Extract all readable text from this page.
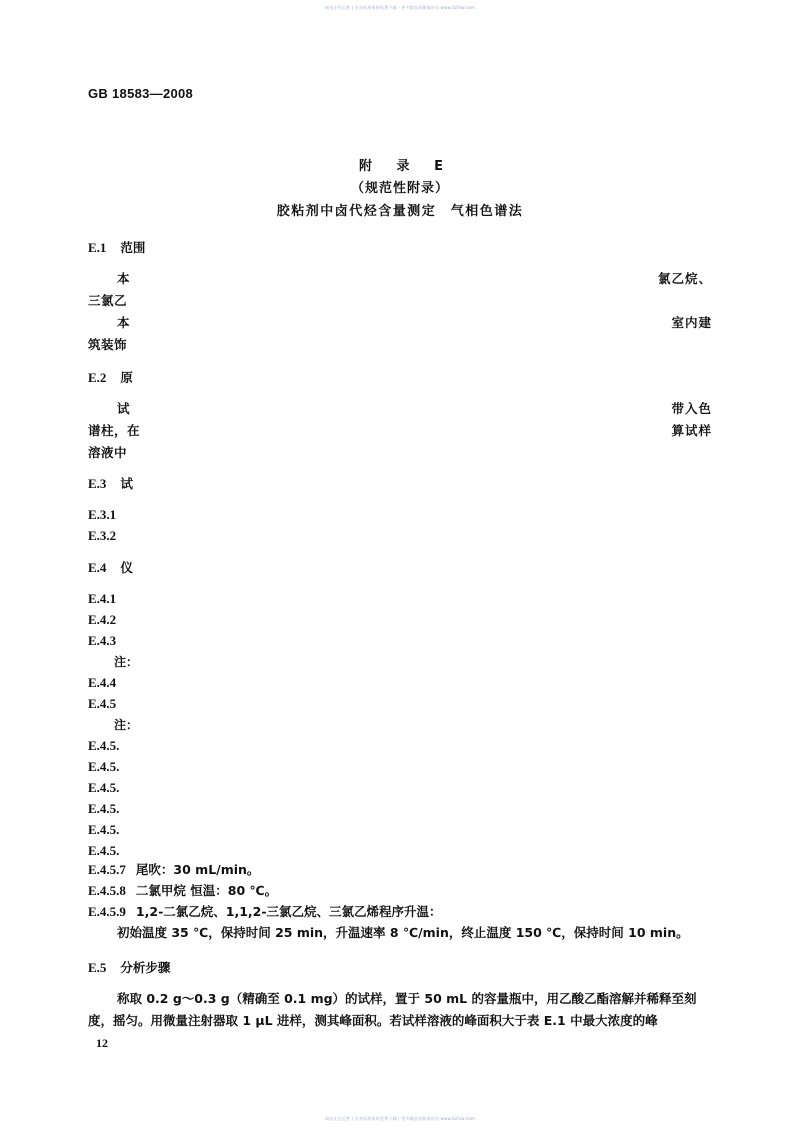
网站正在运营 | 专业标准资料免费下载 - 更多精品资源请访问 www.bzfxw.com
GB 18583—2008
附 录 E
（规范性附录）
胶粘剂中卤代烃含量测定　气相色谱法
E.1 范围
本	氯乙烷、
三氯乙
本	室内建
筑装饰
E.2 原
试	带入色
谱柱，在	算试样
溶液中
E.3 试
E.3.1
E.3.2
E.4 仪
E.4.1
E.4.2
E.4.3
注：
E.4.4
E.4.5
注：
E.4.5.
E.4.5.
E.4.5.
E.4.5.
E.4.5.
E.4.5.
E.4.5.7 尾吹：30 mL/min。
E.4.5.8 二氯甲烷 恒温：80 ℃。
E.4.5.9 1,2-二氯乙烷、1,1,2-三氯乙烷、三氯乙烯程序升温：
初始温度 35 ℃，保持时间 25 min，升温速率 8 ℃/min，终止温度 150 ℃，保持时间 10 min。
E.5 分析步骤
称取 0.2 g～0.3 g（精确至 0.1 mg）的试样，置于 50 mL 的容量瓶中，用乙酸乙酯溶解并稀释至刻
度，摇匀。用微量注射器取 1 μL 进样，测其峰面积。若试样溶液的峰面积大于表 E.1 中最大浓度的峰
12
网站正在运营 | 专业标准资料免费下载 - 更多精品资源请访问 www.bzfxw.com
